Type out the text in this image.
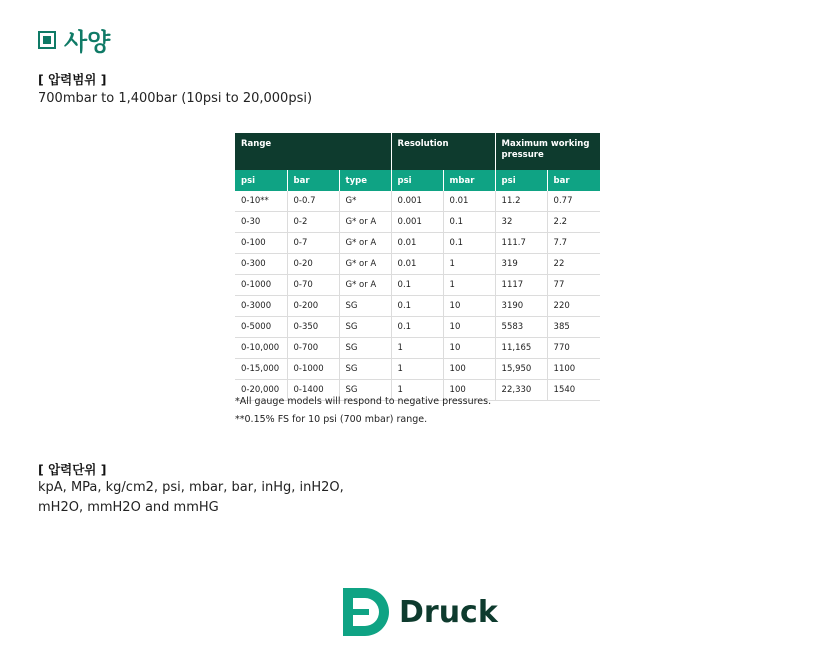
사양
[ 압력범위 ]
700mbar to 1,400bar (10psi to 20,000psi)
Range			Resolution		Maximum working pressure	
psi	bar	type	psi	mbar	psi	bar
0-10**	0-0.7	G*	0.001	0.01	11.2	0.77
0-30	0-2	G* or A	0.001	0.1	32	2.2
0-100	0-7	G* or A	0.01	0.1	111.7	7.7
0-300	0-20	G* or A	0.01	1	319	22
0-1000	0-70	G* or A	0.1	1	1117	77
0-3000	0-200	SG	0.1	10	3190	220
0-5000	0-350	SG	0.1	10	5583	385
0-10,000	0-700	SG	1	10	11,165	770
0-15,000	0-1000	SG	1	100	15,950	1100
0-20,000	0-1400	SG	1	100	22,330	1540
*All gauge models will respond to negative pressures.
**0.15% FS for 10 psi (700 mbar) range.
[ 압력단위 ]
kpA, MPa, kg/cm2, psi, mbar, bar, inHg, inH2O,
mH2O, mmH2O and mmHG
Druck
